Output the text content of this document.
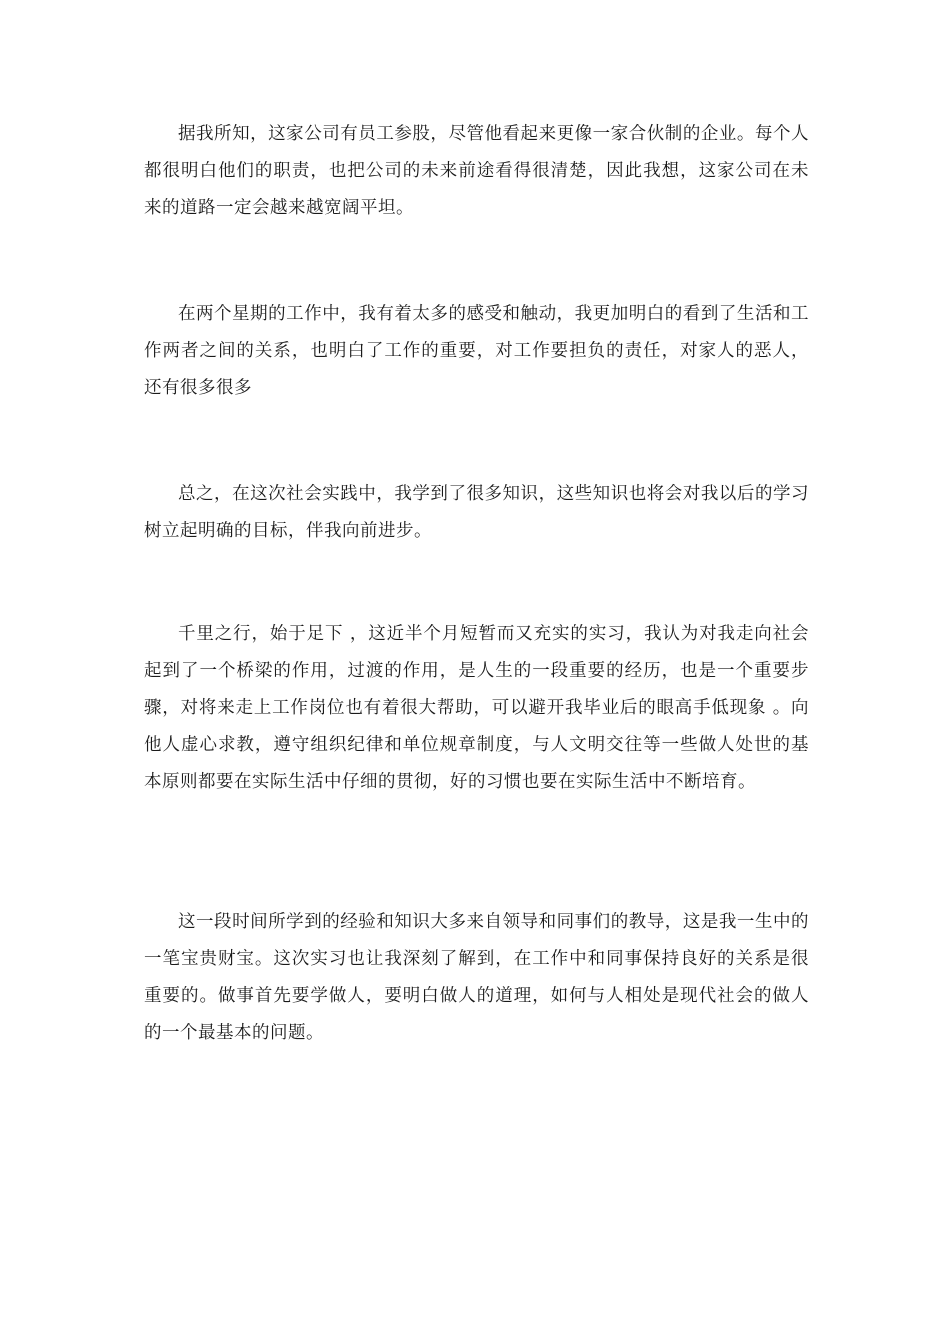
据我所知，这家公司有员工参股，尽管他看起来更像一家合伙制的企业。每个人都很明白他们的职责，也把公司的未来前途看得很清楚，因此我想，这家公司在未来的道路一定会越来越宽阔平坦。

在两个星期的工作中，我有着太多的感受和触动，我更加明白的看到了生活和工作两者之间的关系，也明白了工作的重要，对工作要担负的责任，对家人的恶人，还有很多很多

总之，在这次社会实践中，我学到了很多知识，这些知识也将会对我以后的学习树立起明确的目标，伴我向前进步。

千里之行，始于足下 ，这近半个月短暂而又充实的实习，我认为对我走向社会起到了一个桥梁的作用，过渡的作用，是人生的一段重要的经历，也是一个重要步骤，对将来走上工作岗位也有着很大帮助，可以避开我毕业后的眼高手低现象 。向他人虚心求教，遵守组织纪律和单位规章制度，与人文明交往等一些做人处世的基本原则都要在实际生活中仔细的贯彻，好的习惯也要在实际生活中不断培育。

这一段时间所学到的经验和知识大多来自领导和同事们的教导，这是我一生中的一笔宝贵财宝。这次实习也让我深刻了解到，在工作中和同事保持良好的关系是很重要的。做事首先要学做人，要明白做人的道理，如何与人相处是现代社会的做人的一个最基本的问题。
